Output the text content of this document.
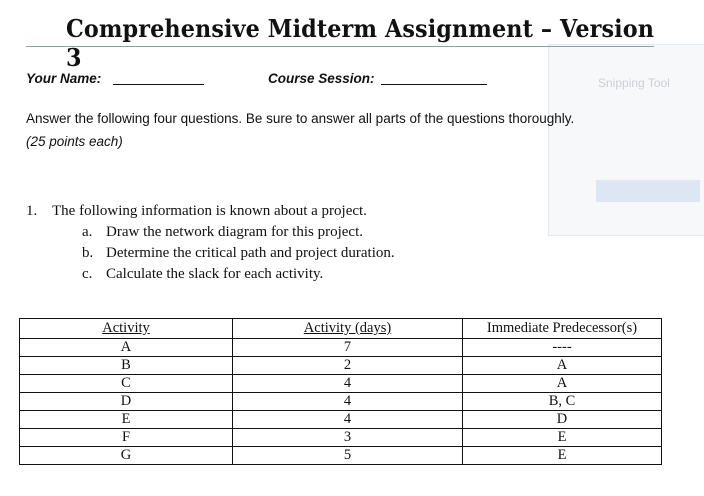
Snipping Tool
Comprehensive Midterm Assignment – Version 3
Your Name:	Course Session:
Answer the following four questions. Be sure to answer all parts of the questions thoroughly.
(25 points each)
1. The following information is known about a project.
a. Draw the network diagram for this project.
b. Determine the critical path and project duration.
c. Calculate the slack for each activity.
Activity	Activity (days)	Immediate Predecessor(s)
A	7	----
B	2	A
C	4	A
D	4	B, C
E	4	D
F	3	E
G	5	E
